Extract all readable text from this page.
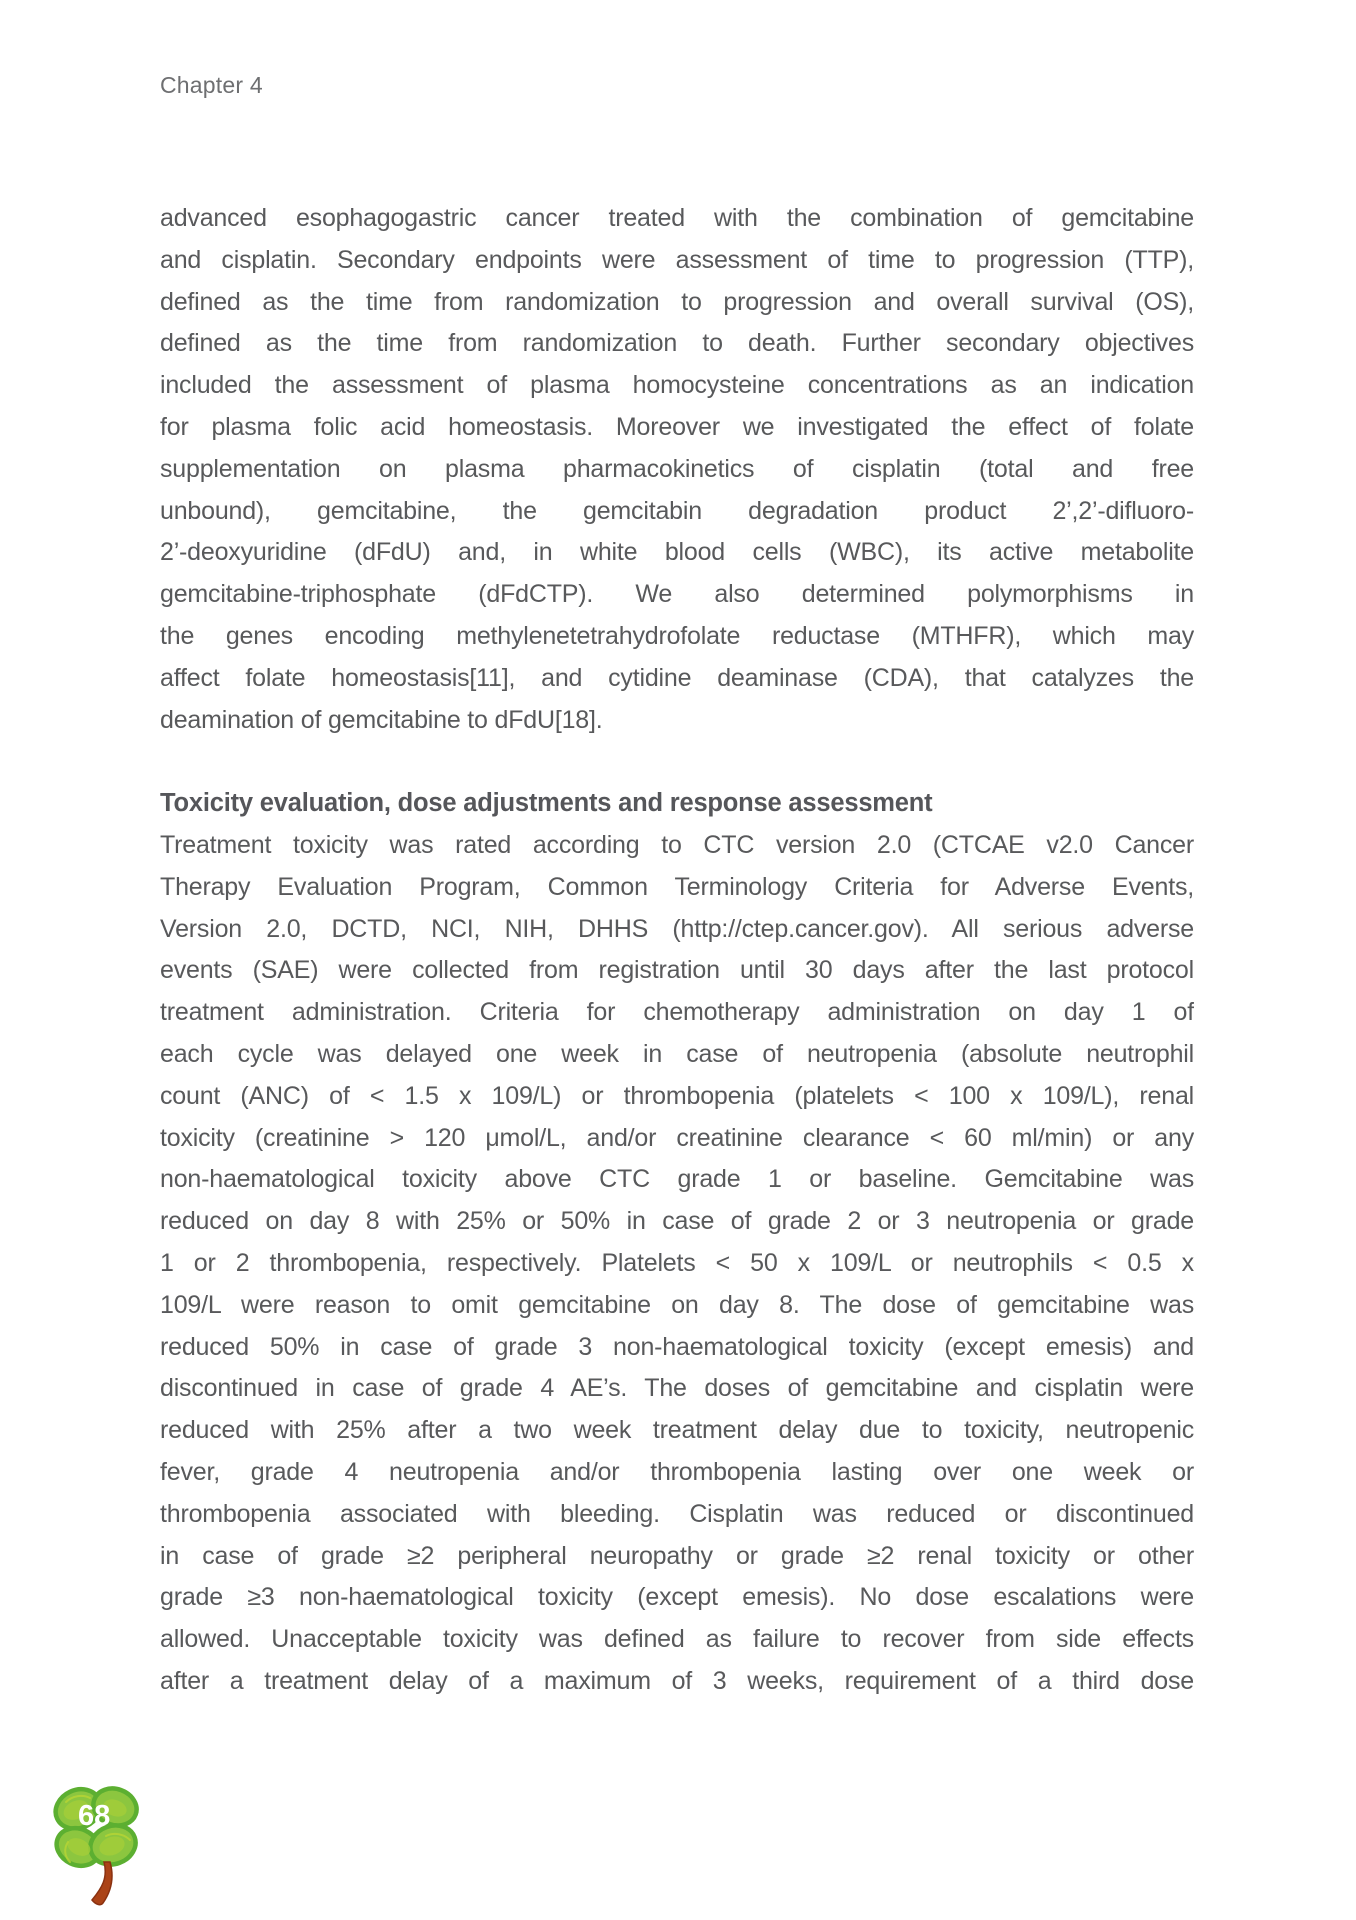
Chapter 4
advanced esophagogastric cancer treated with the combination of gemcitabine
and cisplatin. Secondary endpoints were assessment of time to progression (TTP),
defined as the time from randomization to progression and overall survival (OS),
defined as the time from randomization to death. Further secondary objectives
included the assessment of plasma homocysteine concentrations as an indication
for plasma folic acid homeostasis. Moreover we investigated the effect of folate
supplementation on plasma pharmacokinetics of cisplatin (total and free
unbound), gemcitabine, the gemcitabin degradation product 2’,2’-difluoro-
2’-deoxyuridine (dFdU) and, in white blood cells (WBC), its active metabolite
gemcitabine-triphosphate (dFdCTP). We also determined polymorphisms in
the genes encoding methylenetetrahydrofolate reductase (MTHFR), which may
affect folate homeostasis[11], and cytidine deaminase (CDA), that catalyzes the
deamination of gemcitabine to dFdU[18].
Toxicity evaluation, dose adjustments and response assessment
Treatment toxicity was rated according to CTC version 2.0 (CTCAE v2.0 Cancer
Therapy Evaluation Program, Common Terminology Criteria for Adverse Events,
Version 2.0, DCTD, NCI, NIH, DHHS (http://ctep.cancer.gov). All serious adverse
events (SAE) were collected from registration until 30 days after the last protocol
treatment administration. Criteria for chemotherapy administration on day 1 of
each cycle was delayed one week in case of neutropenia (absolute neutrophil
count (ANC) of < 1.5 x 109/L) or thrombopenia (platelets < 100 x 109/L), renal
toxicity (creatinine > 120 μmol/L, and/or creatinine clearance < 60 ml/min) or any
non-haematological toxicity above CTC grade 1 or baseline. Gemcitabine was
reduced on day 8 with 25% or 50% in case of grade 2 or 3 neutropenia or grade
1 or 2 thrombopenia, respectively. Platelets < 50 x 109/L or neutrophils < 0.5 x
109/L were reason to omit gemcitabine on day 8. The dose of gemcitabine was
reduced 50% in case of grade 3 non-haematological toxicity (except emesis) and
discontinued in case of grade 4 AE’s. The doses of gemcitabine and cisplatin were
reduced with 25% after a two week treatment delay due to toxicity, neutropenic
fever, grade 4 neutropenia and/or thrombopenia lasting over one week or
thrombopenia associated with bleeding. Cisplatin was reduced or discontinued
in case of grade ≥2 peripheral neuropathy or grade ≥2 renal toxicity or other
grade ≥3 non-haematological toxicity (except emesis). No dose escalations were
allowed. Unacceptable toxicity was defined as failure to recover from side effects
after a treatment delay of a maximum of 3 weeks, requirement of a third dose
68
